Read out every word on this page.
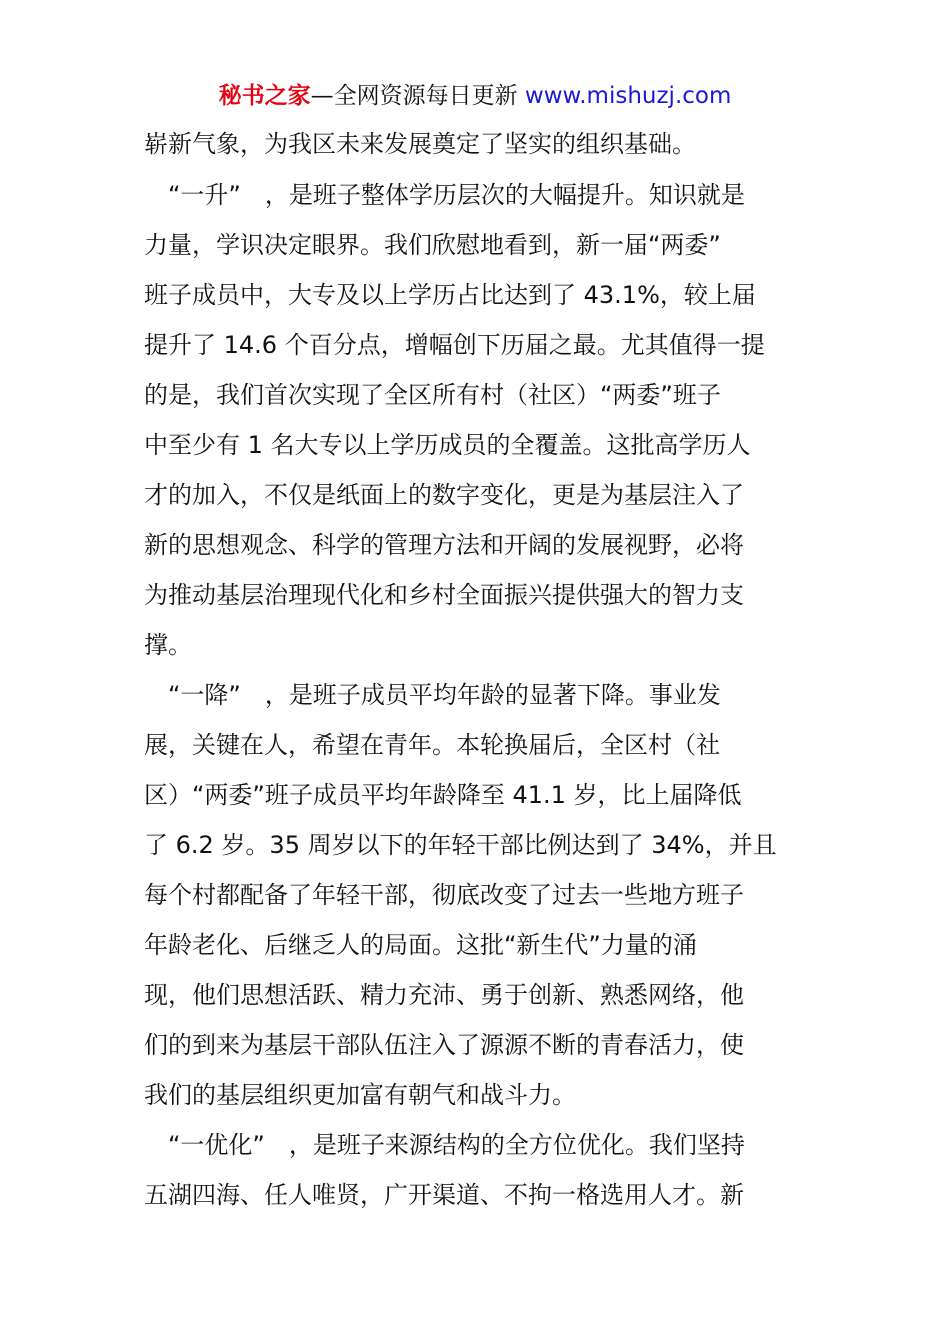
秘书之家—全网资源每日更新 www.mishuzj.com
崭新气象，为我区未来发展奠定了坚实的组织基础。
　“一升”　，是班子整体学历层次的大幅提升。知识就是
力量，学识决定眼界。我们欣慰地看到，新一届“两委”
班子成员中，大专及以上学历占比达到了 43.1%，较上届
提升了 14.6 个百分点，增幅创下历届之最。尤其值得一提
的是，我们首次实现了全区所有村（社区）“两委”班子
中至少有 1 名大专以上学历成员的全覆盖。这批高学历人
才的加入，不仅是纸面上的数字变化，更是为基层注入了
新的思想观念、科学的管理方法和开阔的发展视野，必将
为推动基层治理现代化和乡村全面振兴提供强大的智力支
撑。
　“一降”　，是班子成员平均年龄的显著下降。事业发
展，关键在人，希望在青年。本轮换届后，全区村（社
区）“两委”班子成员平均年龄降至 41.1 岁，比上届降低
了 6.2 岁。35 周岁以下的年轻干部比例达到了 34%，并且
每个村都配备了年轻干部，彻底改变了过去一些地方班子
年龄老化、后继乏人的局面。这批“新生代”力量的涌
现，他们思想活跃、精力充沛、勇于创新、熟悉网络，他
们的到来为基层干部队伍注入了源源不断的青春活力，使
我们的基层组织更加富有朝气和战斗力。
　“一优化”　，是班子来源结构的全方位优化。我们坚持
五湖四海、任人唯贤，广开渠道、不拘一格选用人才。新
